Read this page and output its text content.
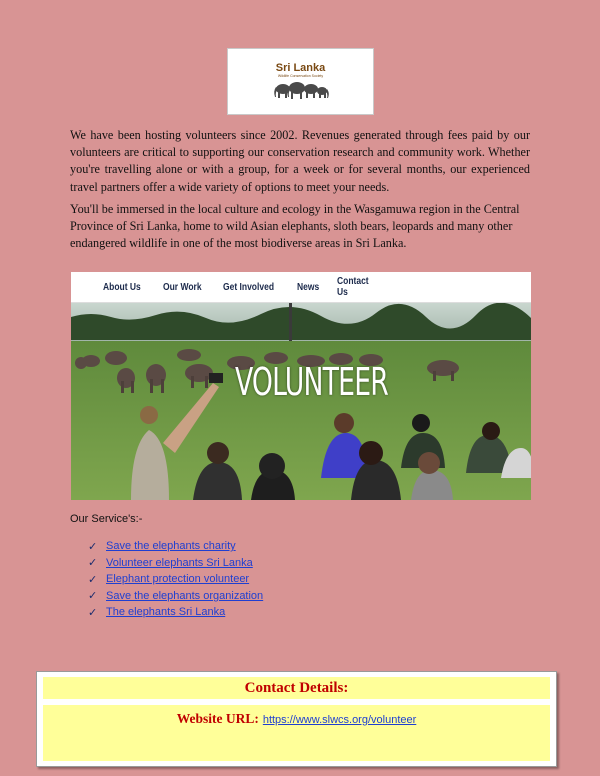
Sri Lanka
Wildlife Conservation Society

We have been hosting volunteers since 2002. Revenues generated through fees paid by our volunteers are critical to supporting our conservation research and community work. Whether you're travelling alone or with a group, for a week or for several months, our experienced travel partners offer a wide variety of options to meet your needs.

You'll be immersed in the local culture and ecology in the Wasgamuwa region in the Central Province of Sri Lanka, home to wild Asian elephants, sloth bears, leopards and many other endangered wildlife in one of the most biodiverse areas in Sri Lanka.

About Us Our Work Get Involved News Contact Us
VOLUNTEER
Our Service's:-
✓ Save the elephants charity
✓ Volunteer elephants Sri Lanka
✓ Elephant protection volunteer
✓ Save the elephants organization
✓ The elephants Sri Lanka
Contact Details:
Website URL: https://www.slwcs.org/volunteer
